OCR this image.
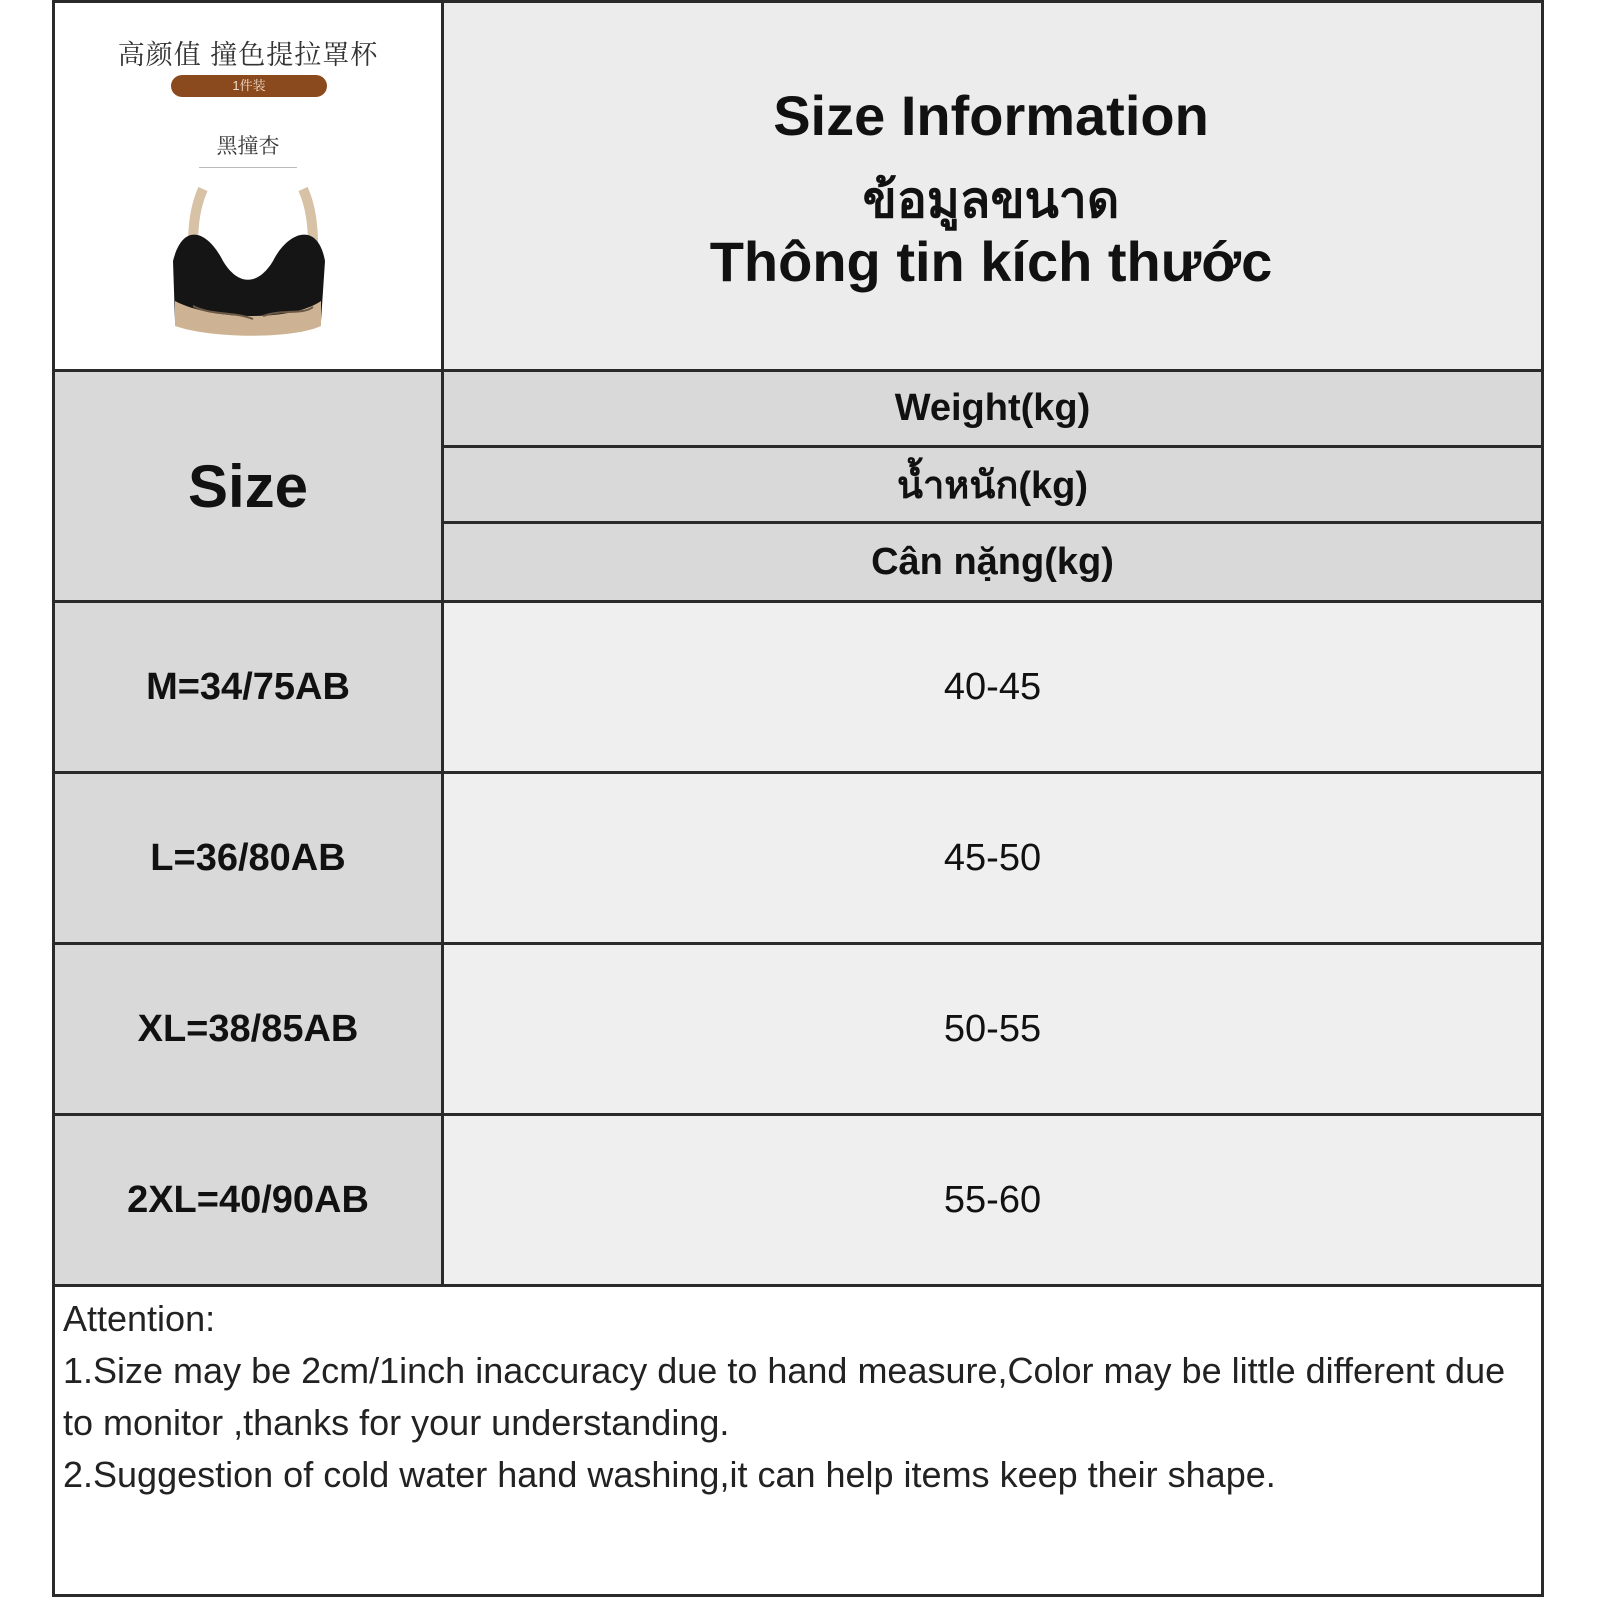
高颜值 撞色提拉罩杯
1件装
黑撞杏	Size Information
ข้อมูลขนาด
Thông tin kích thước
Size
Weight(kg)
น้ำหนัก(kg)
Cân nặng(kg)
M=34/75AB	40-45
L=36/80AB	45-50
XL=38/85AB	50-55
2XL=40/90AB	55-60

Attention:

1.Size may be 2cm/1inch inaccuracy due to hand measure,Color may be little different due to monitor ,thanks for your understanding.

2.Suggestion of cold water hand washing,it can help items keep their shape.
